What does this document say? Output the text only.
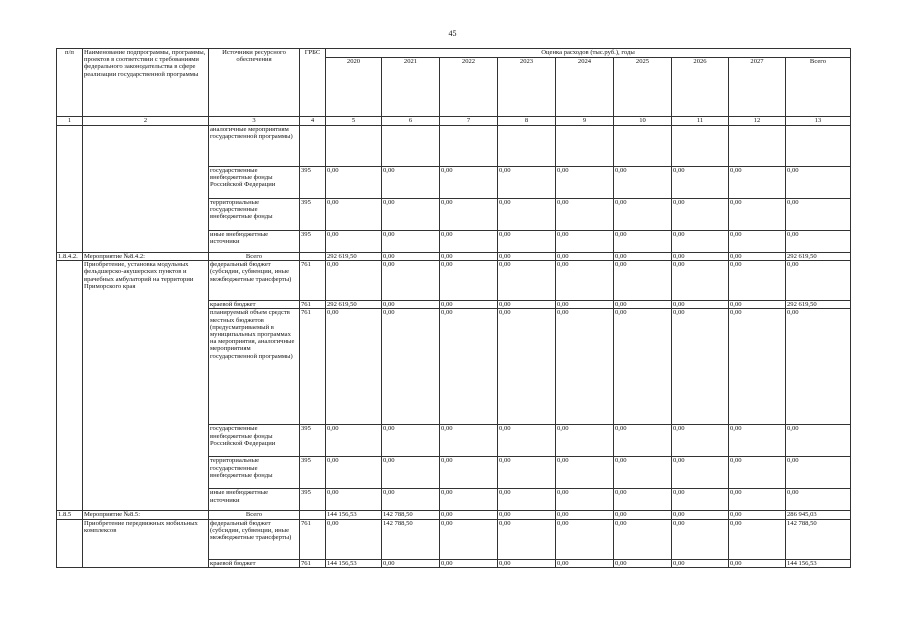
45
п/п	Наименование подпрограммы, программы, проектов в соответствии с требованиями федерального законодательства в сфере реализации государственной программы	Источники ресурсного обеспечения	ГРБС	Оценка расходов (тыс.руб.), годы								
				2020	2021	2022	2023	2024	2025	2026	2027	Всего
1	2	3	4	5	6	7	8	9	10	11	12	13
		аналогичные мероприятиям государственной программы)										
		государственные внебюджетные фонды Российской Федерации	395	0,00	0,00	0,00	0,00	0,00	0,00	0,00	0,00	0,00
		территориальные государственные внебюджетные фонды	395	0,00	0,00	0,00	0,00	0,00	0,00	0,00	0,00	0,00
		иные внебюджетные источники	395	0,00	0,00	0,00	0,00	0,00	0,00	0,00	0,00	0,00
1.8.4.2.	Мероприятие №8.4.2:	Всего		292 619,50	0,00	0,00	0,00	0,00	0,00	0,00	0,00	292 619,50
	Приобретение, установка модульных фельдшерско-акушерских пунктов и врачебных амбулаторий на территории Приморского края	федеральный бюджет (субсидии, субвенции, иные межбюджетные трансферты)	761	0,00	0,00	0,00	0,00	0,00	0,00	0,00	0,00	0,00
		краевой бюджет	761	292 619,50	0,00	0,00	0,00	0,00	0,00	0,00	0,00	292 619,50
		планируемый объем средств местных бюджетов (предусматриваемый в муниципальных программах на мероприятия, аналогичные мероприятиям государственной программы)	761	0,00	0,00	0,00	0,00	0,00	0,00	0,00	0,00	0,00
		государственные внебюджетные фонды Российской Федерации	395	0,00	0,00	0,00	0,00	0,00	0,00	0,00	0,00	0,00
		территориальные государственные внебюджетные фонды	395	0,00	0,00	0,00	0,00	0,00	0,00	0,00	0,00	0,00
		иные внебюджетные источники	395	0,00	0,00	0,00	0,00	0,00	0,00	0,00	0,00	0,00
1.8.5	Мероприятие №8.5:	Всего		144 156,53	142 788,50	0,00	0,00	0,00	0,00	0,00	0,00	286 945,03
	Приобретение передвижных мобильных комплексов	федеральный бюджет (субсидии, субвенции, иные межбюджетные трансферты)	761	0,00	142 788,50	0,00	0,00	0,00	0,00	0,00	0,00	142 788,50
		краевой бюджет	761	144 156,53	0,00	0,00	0,00	0,00	0,00	0,00	0,00	144 156,53
